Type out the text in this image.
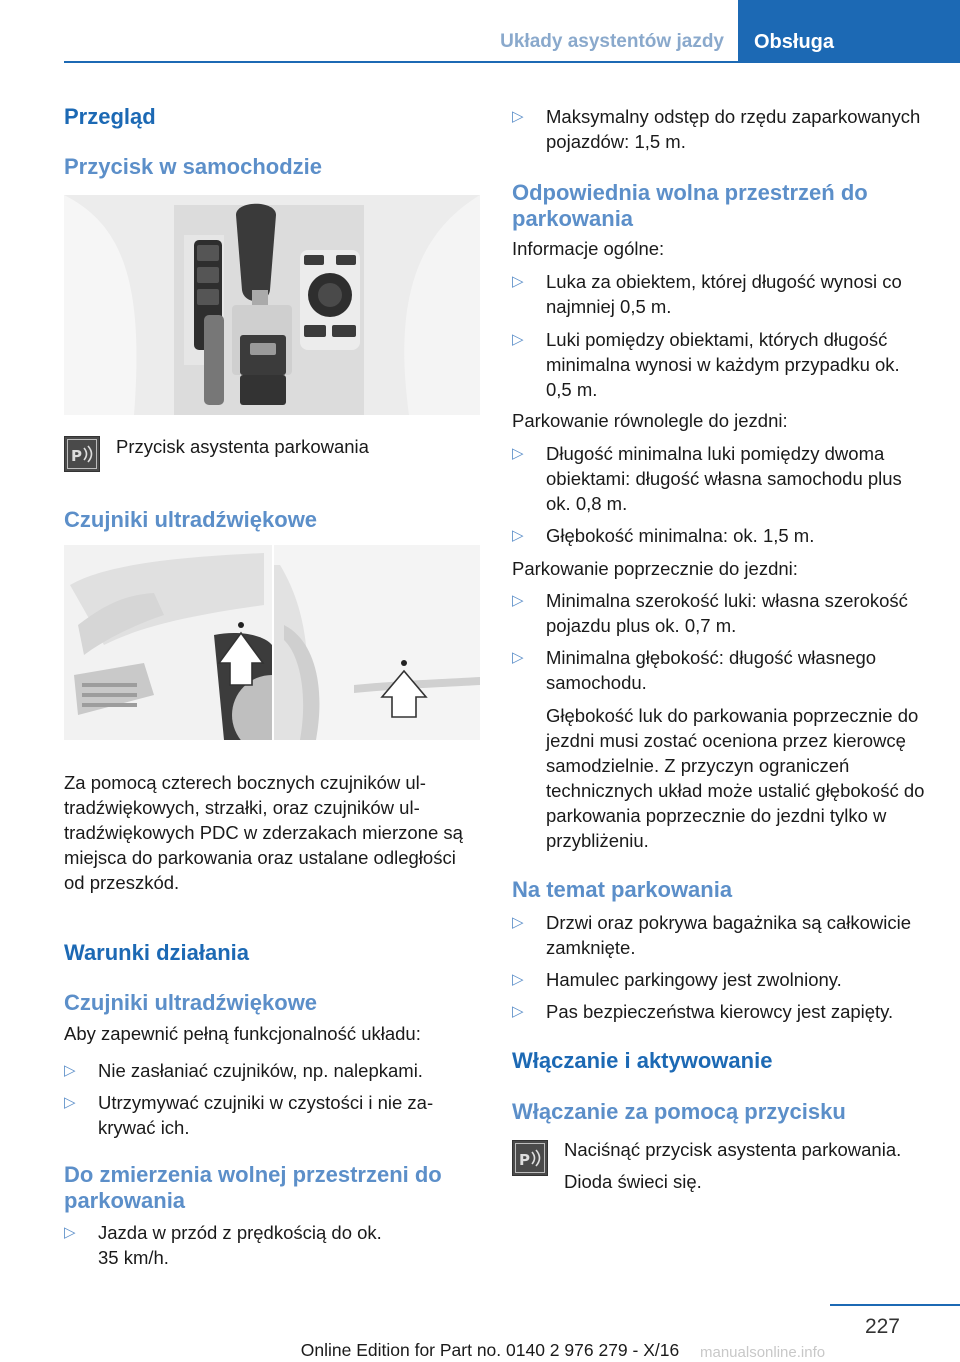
Układy asystentów jazdy	Obsługa
Przegląd
Przycisk w samochodzie
P Przycisk asystenta parkowania
Czujniki ultradźwiękowe
Za pomocą czterech bocznych czujników ultradźwiękowych, strzałki, oraz czujników ultradźwiękowych PDC w zderzakach mierzone są miejsca do parkowania oraz ustalane odległości od przeszkód.
Warunki działania
Czujniki ultradźwiękowe
Aby zapewnić pełną funkcjonalność układu:
▷	Nie zasłaniać czujników, np. nalepkami.
▷	Utrzymywać czujniki w czystości i nie zakrywać ich.
Do zmierzenia wolnej przestrzeni do parkowania
▷	Jazda w przód z prędkością do ok.
35 km/h.
▷	Maksymalny odstęp do rzędu zaparkowanych pojazdów: 1,5 m.
Odpowiednia wolna przestrzeń do parkowania
Informacje ogólne:
▷	Luka za obiektem, której długość wynosi co najmniej 0,5 m.
▷	Luki pomiędzy obiektami, których długość minimalna wynosi w każdym przypadku ok. 0,5 m.
Parkowanie równolegle do jezdni:
▷	Długość minimalna luki pomiędzy dwoma obiektami: długość własna samochodu plus ok. 0,8 m.
▷	Głębokość minimalna: ok. 1,5 m.
Parkowanie poprzecznie do jezdni:
▷	Minimalna szerokość luki: własna szerokość pojazdu plus ok. 0,7 m.
▷	Minimalna głębokość: długość własnego samochodu.
Głębokość luk do parkowania poprzecznie do jezdni musi zostać oceniona przez kierowcę samodzielnie. Z przyczyn ograniczeń technicznych układ może ustalić głębokość do parkowania poprzecznie do jezdni tylko w przybliżeniu.
Na temat parkowania
▷	Drzwi oraz pokrywa bagażnika są całkowicie zamknięte.
▷	Hamulec parkingowy jest zwolniony.
▷	Pas bezpieczeństwa kierowcy jest zapięty.
Włączanie i aktywowanie
Włączanie za pomocą przycisku
P Naciśnąć przycisk asystenta parkowania.
Dioda świeci się.
227
Online Edition for Part no. 0140 2 976 279 - X/16	manualsonline.info
